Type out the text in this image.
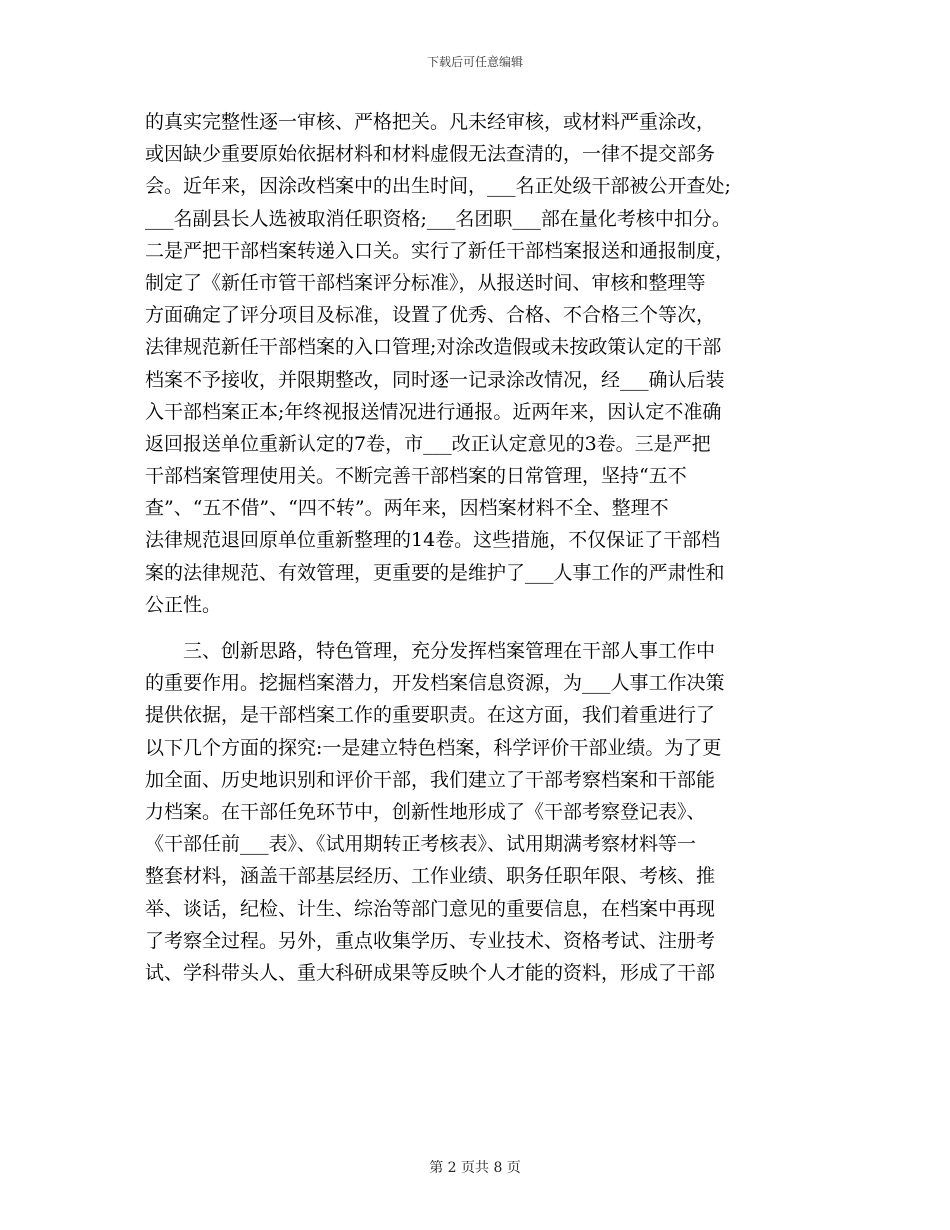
下载后可任意编辑
的真实完整性逐一审核、严格把关。凡未经审核，或材料严重涂改，
或因缺少重要原始依据材料和材料虚假无法查清的，一律不提交部务
会。近年来，因涂改档案中的出生时间，___名正处级干部被公开查处;
___名副县长人选被取消任职资格;___名团职___部在量化考核中扣分。
二是严把干部档案转递入口关。实行了新任干部档案报送和通报制度，
制定了《新任市管干部档案评分标准》，从报送时间、审核和整理等
方面确定了评分项目及标准，设置了优秀、合格、不合格三个等次，
法律规范新任干部档案的入口管理;对涂改造假或未按政策认定的干部
档案不予接收，并限期整改，同时逐一记录涂改情况，经___确认后装
入干部档案正本;年终视报送情况进行通报。近两年来，因认定不准确
返回报送单位重新认定的7卷，市___改正认定意见的3卷。三是严把
干部档案管理使用关。不断完善干部档案的日常管理，坚持“五不
查”、“五不借”、“四不转”。两年来，因档案材料不全、整理不
法律规范退回原单位重新整理的14卷。这些措施，不仅保证了干部档
案的法律规范、有效管理，更重要的是维护了___人事工作的严肃性和
公正性。
　　三、创新思路，特色管理，充分发挥档案管理在干部人事工作中
的重要作用。挖掘档案潜力，开发档案信息资源，为___人事工作决策
提供依据，是干部档案工作的重要职责。在这方面，我们着重进行了
以下几个方面的探究:一是建立特色档案，科学评价干部业绩。为了更
加全面、历史地识别和评价干部，我们建立了干部考察档案和干部能
力档案。在干部任免环节中，创新性地形成了《干部考察登记表》、
《干部任前___表》、《试用期转正考核表》、试用期满考察材料等一
整套材料，涵盖干部基层经历、工作业绩、职务任职年限、考核、推
举、谈话，纪检、计生、综治等部门意见的重要信息，在档案中再现
了考察全过程。另外，重点收集学历、专业技术、资格考试、注册考
试、学科带头人、重大科研成果等反映个人才能的资料，形成了干部
第 2 页共 8 页
